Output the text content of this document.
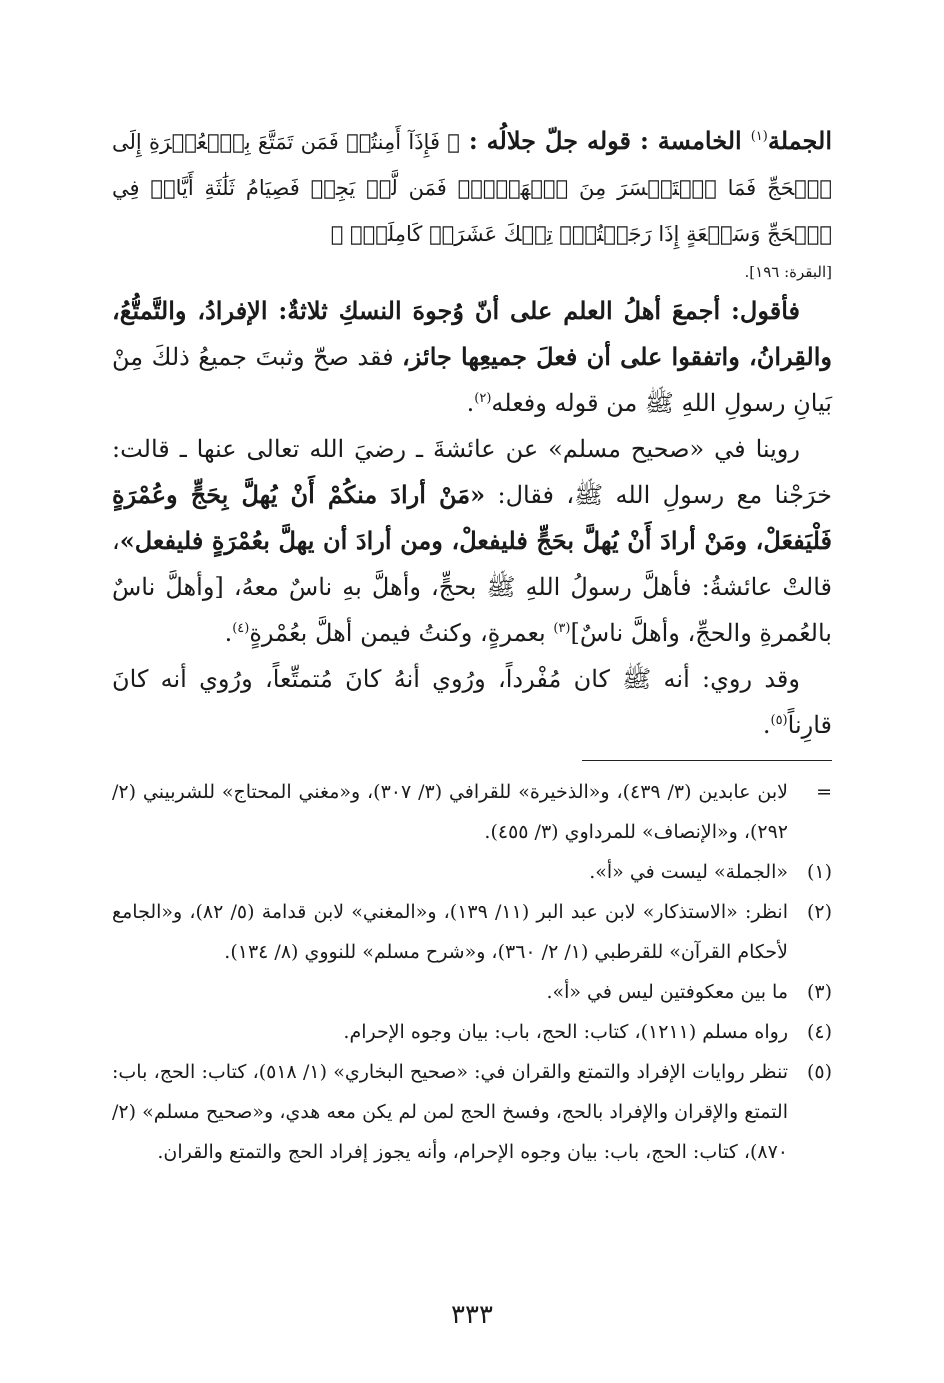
الجملة$^{(١)}$ الخامسة : قوله جلّ جلالُه : ﴿ فَإِذَآ أَمِنتُمۡ فَمَن تَمَتَّعَ بِٱلۡعُمۡرَةِ إِلَى ٱلۡحَجِّ فَمَا ٱسۡتَيۡسَرَ مِنَ ٱلۡهَدۡيِۚ فَمَن لَّمۡ يَجِدۡ فَصِيَامُ ثَلَٰثَةِ أَيَّامٖ فِي ٱلۡحَجِّ وَسَبۡعَةٍ إِذَا رَجَعۡتُمۡۗ تِلۡكَ عَشَرَةٞ كَامِلَةٞۗ ﴾
[البقرة: ١٩٦].

فأقول: أجمعَ أهلُ العلم على أنّ وُجوهَ النسكِ ثلاثةٌ: الإفرادُ، والتَّمتُّعُ، والقِرانُ، واتفقوا على أن فعلَ جميعِها جائز، فقد صحّ وثبتَ جميعُ ذلكَ مِنْ بَيانِ رسولِ اللهِ ﷺ من قوله وفعله$^{(٢)}$.

روينا في «صحيح مسلم» عن عائشةَ ـ رضيَ الله تعالى عنها ـ قالت: خرَجْنا مع رسولِ الله ﷺ، فقال: «مَنْ أرادَ منكُمْ أَنْ يُهلَّ بِحَجٍّ وعُمْرَةٍ فَلْيَفعَلْ، ومَنْ أرادَ أَنْ يُهلَّ بحَجٍّ فليفعلْ، ومن أرادَ أن يهلَّ بعُمْرَةٍ فليفعل»، قالتْ عائشةُ: فأهلَّ رسولُ اللهِ ﷺ بحجٍّ، وأهلَّ بهِ ناسٌ معهُ، [وأهلَّ ناسٌ بالعُمرةِ والحجِّ، وأهلَّ ناسٌ]$^{(٣)}$ بعمرةٍ، وكنتُ فيمن أهلَّ بعُمْرةٍ$^{(٤)}$.

وقد روي: أنه ﷺ كان مُفْرداً، ورُوي أنهُ كانَ مُتمتِّعاً، ورُوي أنه كانَ قارِناً$^{(٥)}$.

=
لابن عابدين (٣/ ٤٣٩)، و«الذخيرة» للقرافي (٣/ ٣٠٧)، و«مغني المحتاج» للشربيني (٢/ ٢٩٢)، و«الإنصاف» للمرداوي (٣/ ٤٥٥).
(١)
«الجملة» ليست في «أ».
(٢)
انظر: «الاستذكار» لابن عبد البر (١١/ ١٣٩)، و«المغني» لابن قدامة (٥/ ٨٢)، و«الجامع لأحكام القرآن» للقرطبي (١/ ٢/ ٣٦٠)، و«شرح مسلم» للنووي (٨/ ١٣٤).
(٣)
ما بين معكوفتين ليس في «أ».
(٤)
رواه مسلم (١٢١١)، كتاب: الحج، باب: بيان وجوه الإحرام.
(٥)
تنظر روايات الإفراد والتمتع والقران في: «صحيح البخاري» (١/ ٥١٨)، كتاب: الحج، باب: التمتع والإقران والإفراد بالحج، وفسخ الحج لمن لم يكن معه هدي، و«صحيح مسلم» (٢/ ٨٧٠)، كتاب: الحج، باب: بيان وجوه الإحرام، وأنه يجوز إفراد الحج والتمتع والقران.
٣٣٣
